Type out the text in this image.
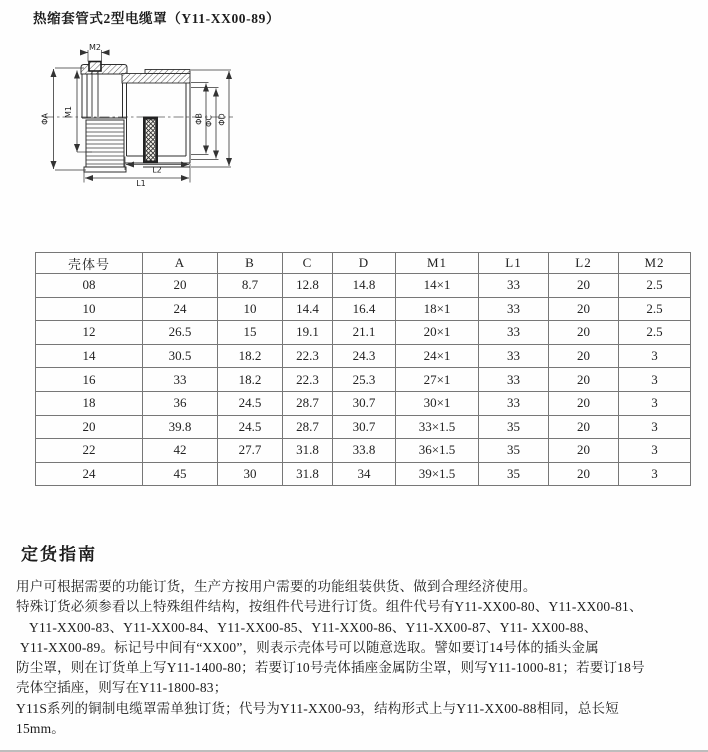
热缩套管式2型电缆罩（Y11-XX00-89）
M2
ΦA
M1
ΦB ΦC ΦD
L2
L1
壳体号	A	B	C	D	M1	L1	L2	M2
08	20	8.7	12.8	14.8	14×1	33	20	2.5
10	24	10	14.4	16.4	18×1	33	20	2.5
12	26.5	15	19.1	21.1	20×1	33	20	2.5
14	30.5	18.2	22.3	24.3	24×1	33	20	3
16	33	18.2	22.3	25.3	27×1	33	20	3
18	36	24.5	28.7	30.7	30×1	33	20	3
20	39.8	24.5	28.7	30.7	33×1.5	35	20	3
22	42	27.7	31.8	33.8	36×1.5	35	20	3
24	45	30	31.8	34	39×1.5	35	20	3
定货指南
用户可根据需要的功能订货，生产方按用户需要的功能组装供货、做到合理经济使用。
特殊订货必须参看以上特殊组件结构，按组件代号进行订货。组件代号有Y11-XX00-80、Y11-XX00-81、
Y11-XX00-83、Y11-XX00-84、Y11-XX00-85、Y11-XX00-86、Y11-XX00-87、Y11- XX00-88、
Y11-XX00-89。标记号中间有“XX00”，则表示壳体号可以随意选取。譬如要订14号体的插头金属
防尘罩，则在订货单上写Y11-1400-80；若要订10号壳体插座金属防尘罩，则写Y11-1000-81；若要订18号
壳体空插座，则写在Y11-1800-83；
Y11S系列的铜制电缆罩需单独订货；代号为Y11-XX00-93，结构形式上与Y11-XX00-88相同，总长短
15mm。
